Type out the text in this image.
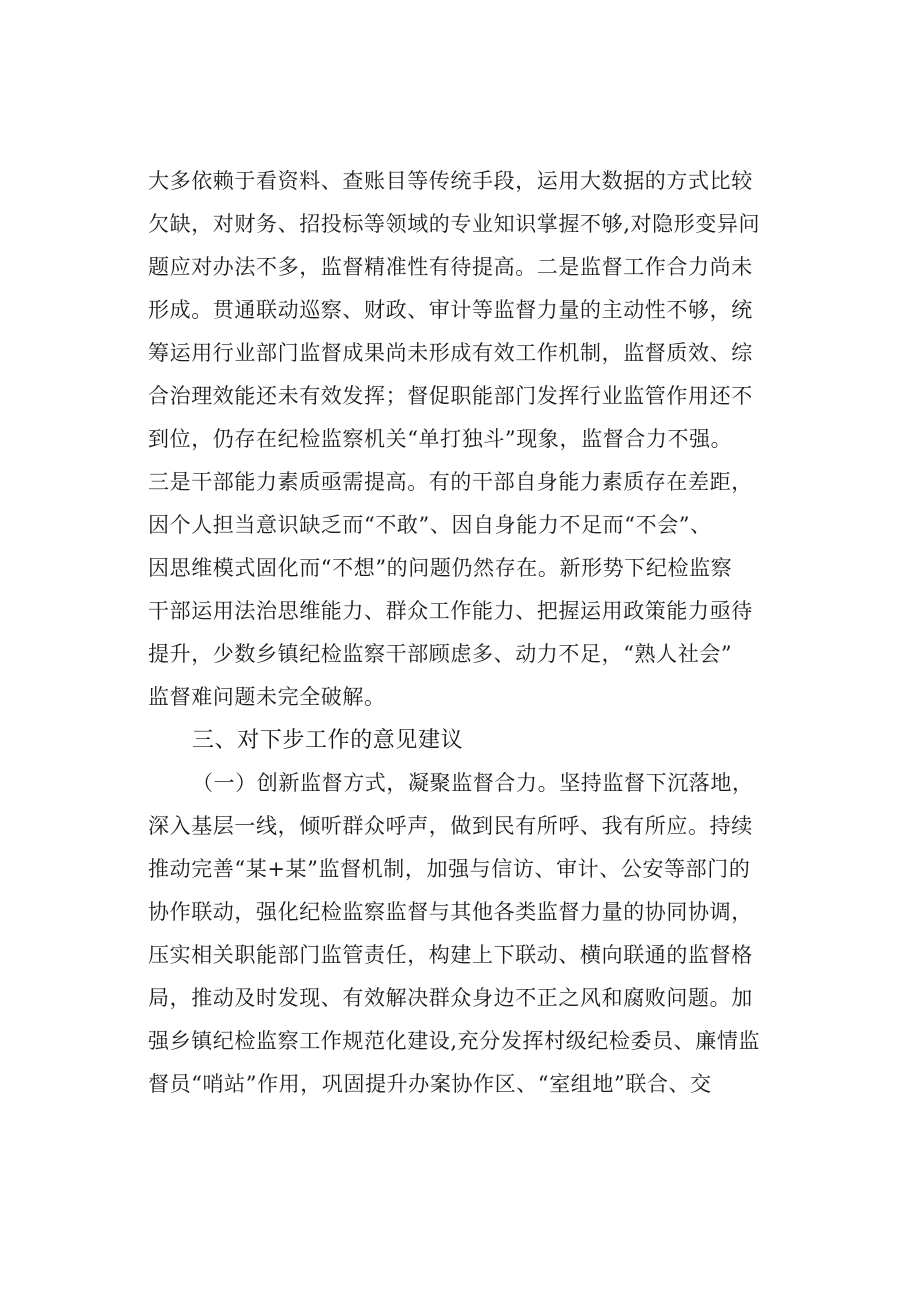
大多依赖于看资料、查账目等传统手段，运用大数据的方式比较
欠缺，对财务、招投标等领域的专业知识掌握不够,对隐形变异问
题应对办法不多，监督精准性有待提高。二是监督工作合力尚未
形成。贯通联动巡察、财政、审计等监督力量的主动性不够，统
筹运用行业部门监督成果尚未形成有效工作机制，监督质效、综
合治理效能还未有效发挥；督促职能部门发挥行业监管作用还不
到位，仍存在纪检监察机关“单打独斗”现象，监督合力不强。
三是干部能力素质亟需提高。有的干部自身能力素质存在差距，
因个人担当意识缺乏而“不敢”、因自身能力不足而“不会”、
因思维模式固化而“不想”的问题仍然存在。新形势下纪检监察
干部运用法治思维能力、群众工作能力、把握运用政策能力亟待
提升，少数乡镇纪检监察干部顾虑多、动力不足，“熟人社会”
监督难问题未完全破解。
三、对下步工作的意见建议
（一）创新监督方式，凝聚监督合力。坚持监督下沉落地，
深入基层一线，倾听群众呼声，做到民有所呼、我有所应。持续
推动完善“某+某”监督机制，加强与信访、审计、公安等部门的
协作联动，强化纪检监察监督与其他各类监督力量的协同协调，
压实相关职能部门监管责任，构建上下联动、横向联通的监督格
局，推动及时发现、有效解决群众身边不正之风和腐败问题。加
强乡镇纪检监察工作规范化建设,充分发挥村级纪检委员、廉情监
督员“哨站”作用，巩固提升办案协作区、“室组地”联合、交
